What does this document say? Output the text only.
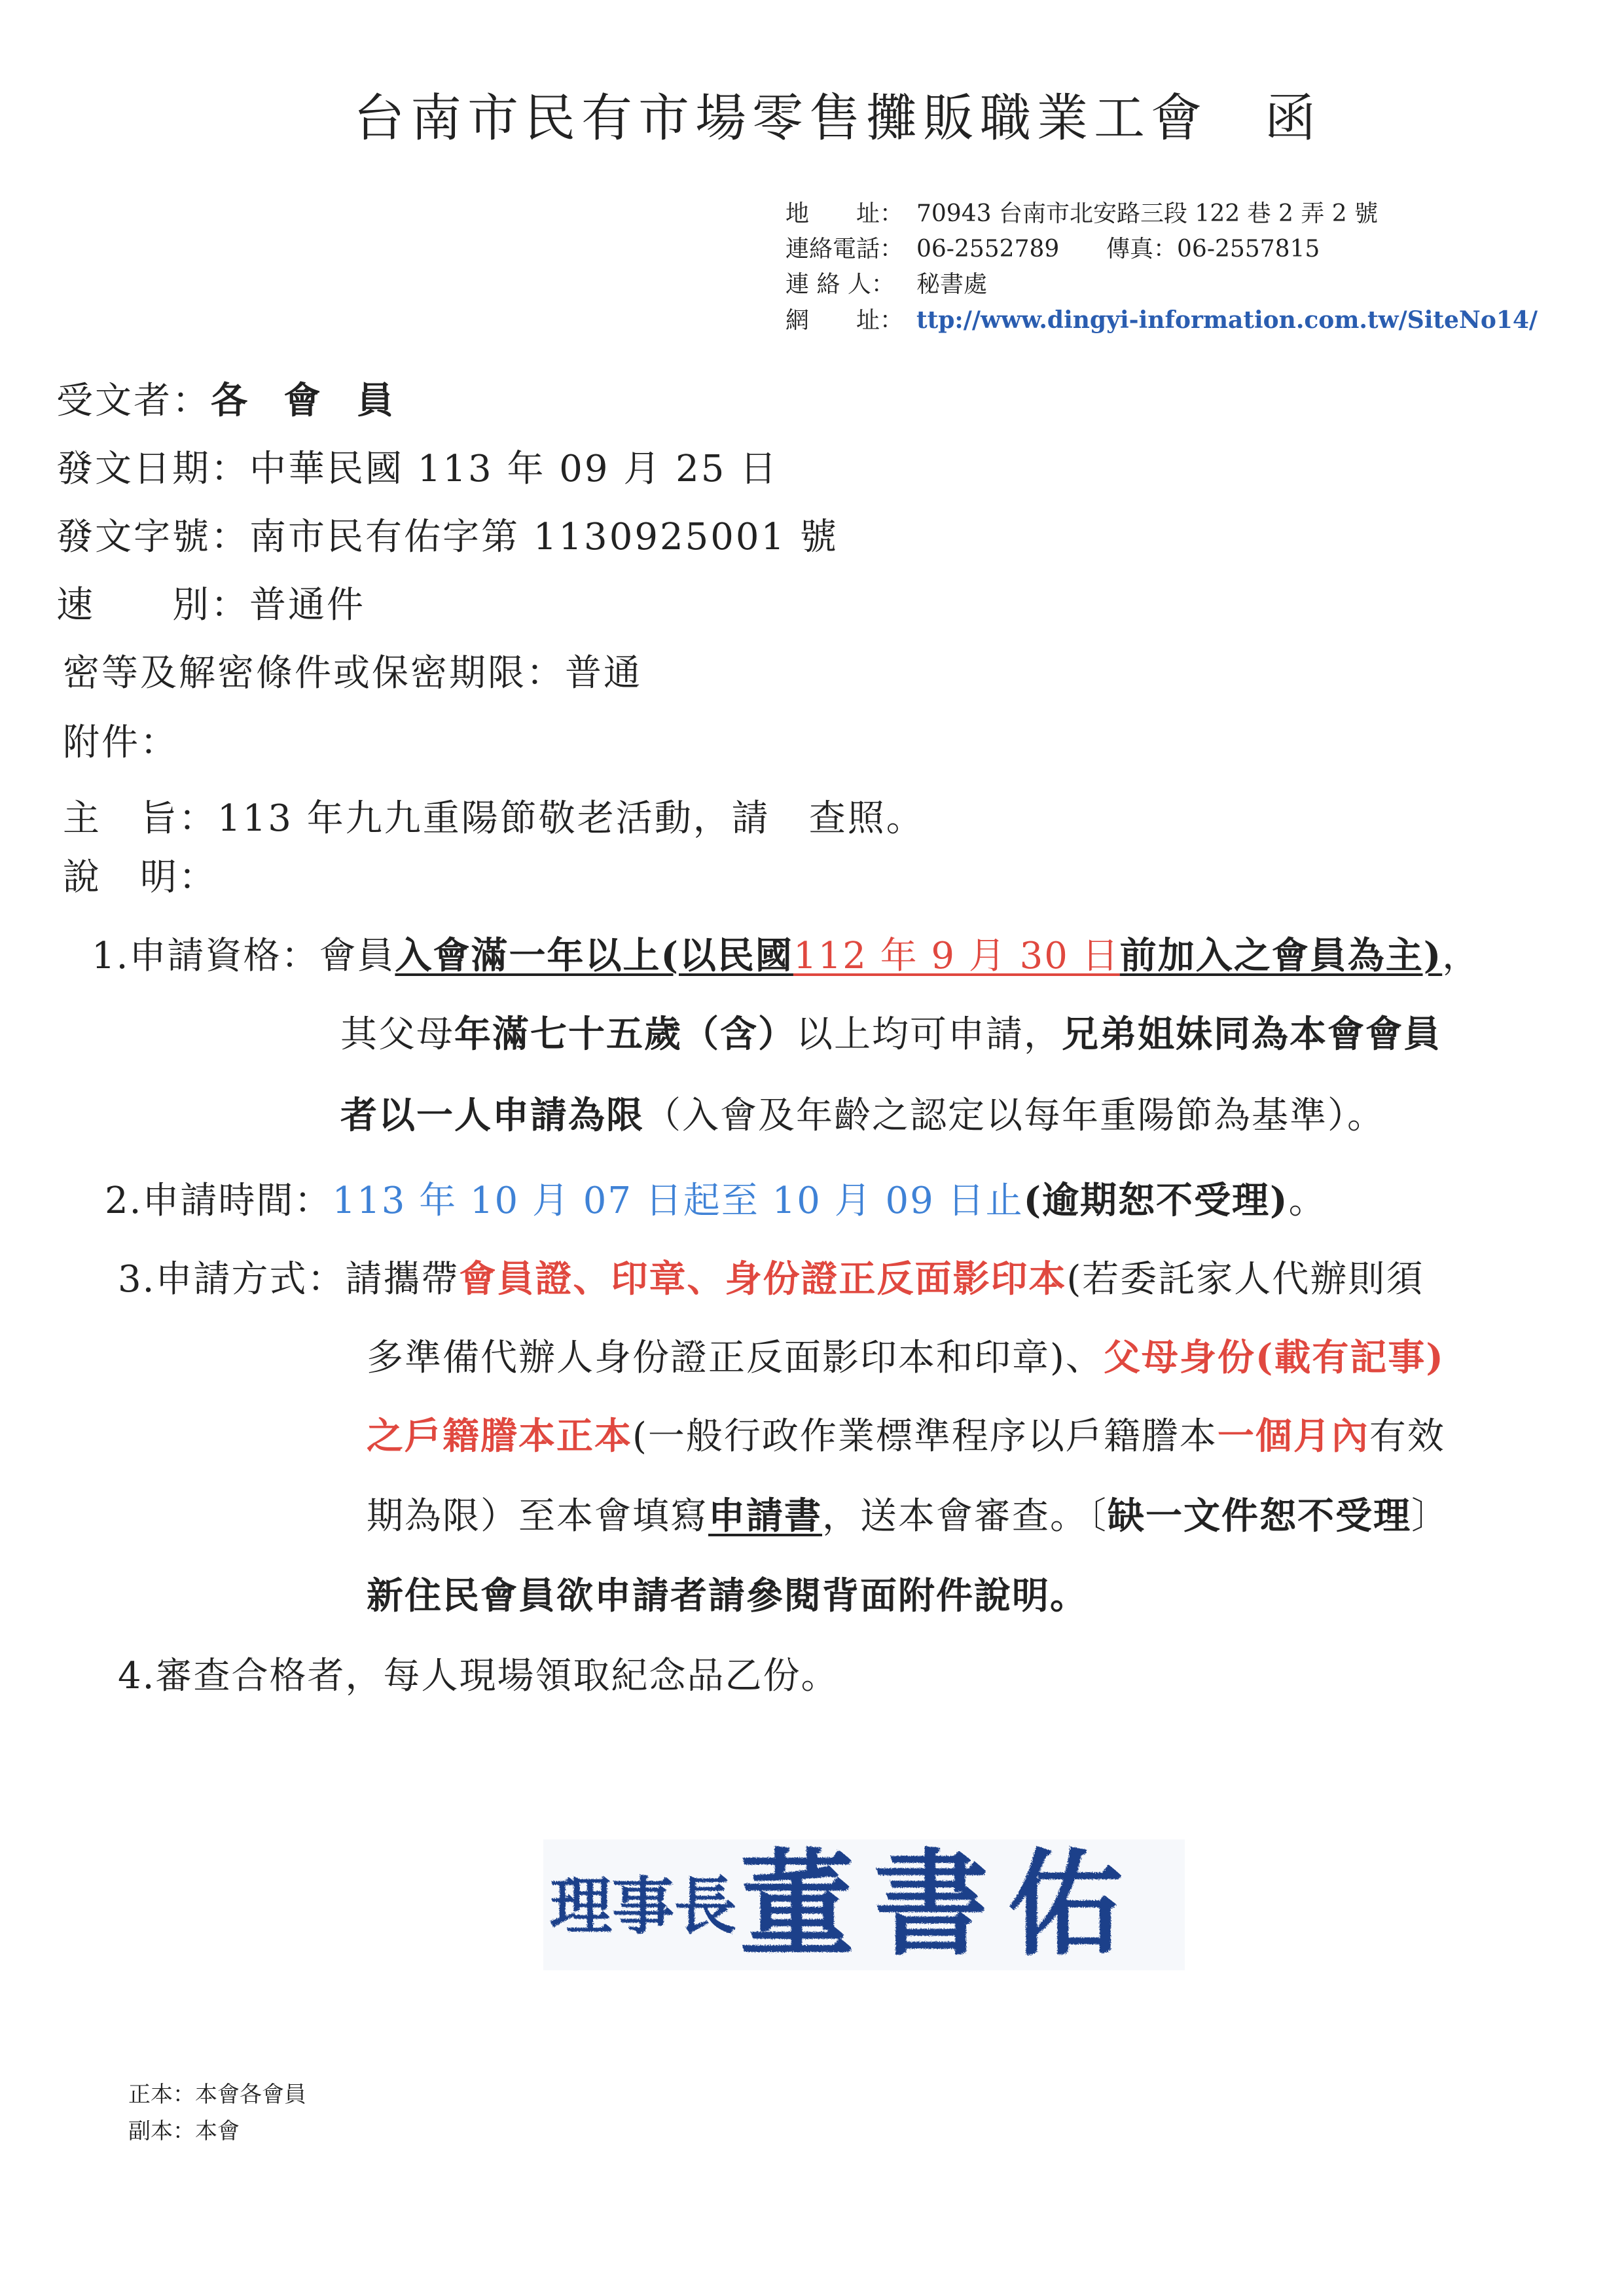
台南市民有市場零售攤販職業工會　函
地　　址： 70943 台南市北安路三段 122 巷 2 弄 2 號
連絡電話： 06-2552789 傳真：06-2557815
連 絡 人： 秘書處
網　　址： ttp://www.dingyi-information.com.tw/SiteNo14/
受文者：各 會 員
發文日期：中華民國 113 年 09 月 25 日
發文字號：南市民有佑字第 1130925001 號
速　　別：普通件
密等及解密條件或保密期限：普通
附件：
主　旨：113 年九九重陽節敬老活動，請　查照。
說　明：
1.申請資格：會員入會滿一年以上(以民國112 年 9 月 30 日前加入之會員為主)，
其父母年滿七十五歲（含）以上均可申請，兄弟姐妹同為本會會員
者以一人申請為限（入會及年齡之認定以每年重陽節為基準）。
2.申請時間：113 年 10 月 07 日起至 10 月 09 日止(逾期恕不受理)。
3.申請方式：請攜帶會員證、印章、身份證正反面影印本(若委託家人代辦則須
多準備代辦人身份證正反面影印本和印章)、父母身份(載有記事)
之戶籍謄本正本(一般行政作業標準程序以戶籍謄本一個月內有效
期為限）至本會填寫申請書，送本會審查。〔缺一文件恕不受理〕
新住民會員欲申請者請參閱背面附件說明。
4.審查合格者，每人現場領取紀念品乙份。
理事長 董書佑
正本：本會各會員
副本：本會
